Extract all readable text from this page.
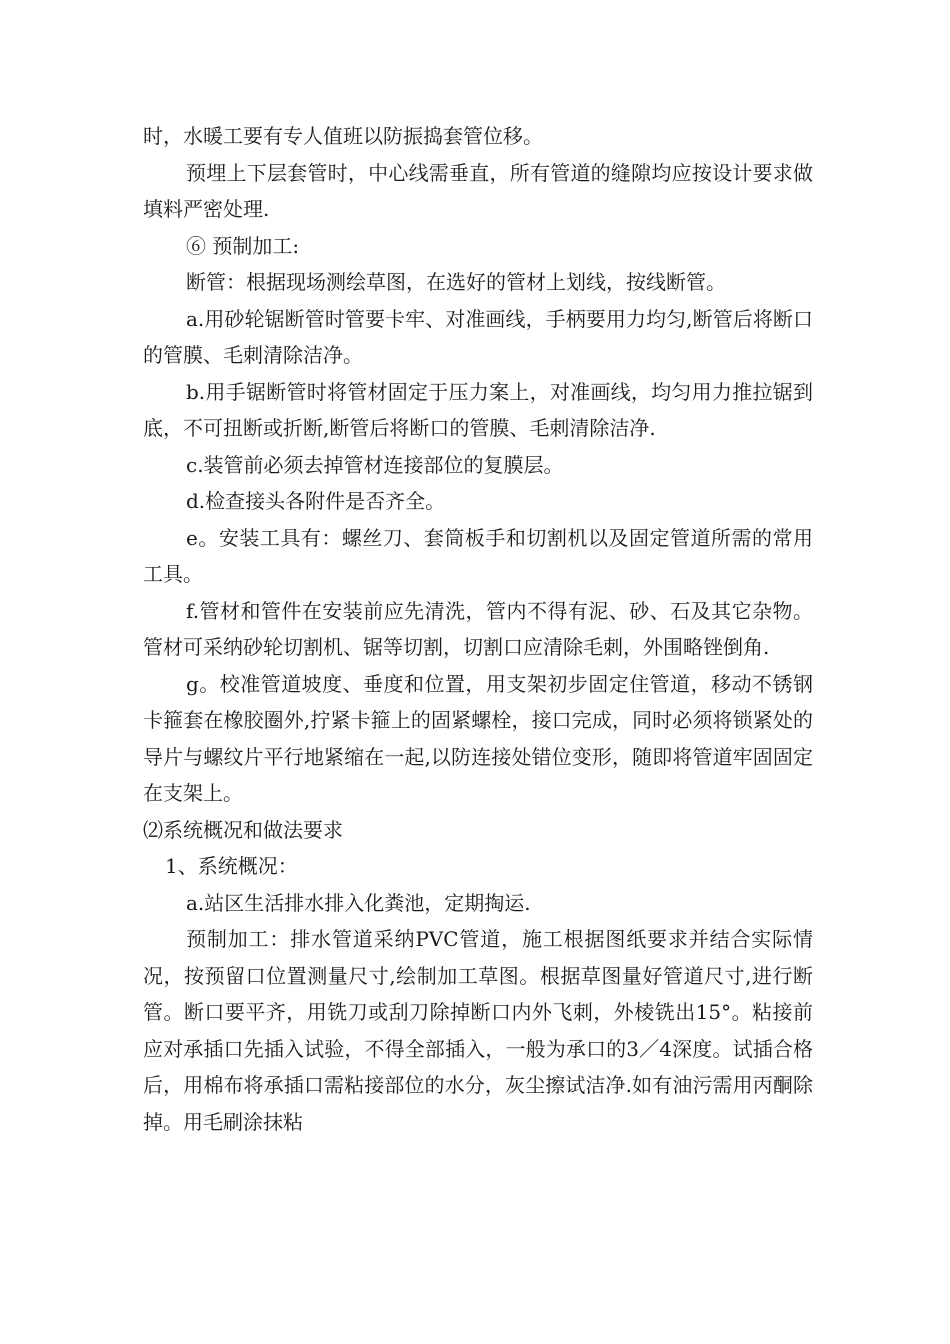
时，水暖工要有专人值班以防振捣套管位移。

预埋上下层套管时，中心线需垂直，所有管道的缝隙均应按设计要求做填料严密处理.

⑥ 预制加工:

断管：根据现场测绘草图，在选好的管材上划线，按线断管。

a.用砂轮锯断管时管要卡牢、对准画线，手柄要用力均匀,断管后将断口的管膜、毛刺清除洁净。

b.用手锯断管时将管材固定于压力案上，对准画线，均匀用力推拉锯到底，不可扭断或折断,断管后将断口的管膜、毛刺清除洁净.

c.装管前必须去掉管材连接部位的复膜层。

d.检查接头各附件是否齐全。

e。安装工具有：螺丝刀、套筒板手和切割机以及固定管道所需的常用工具。

f.管材和管件在安装前应先清洗，管内不得有泥、砂、石及其它杂物。管材可采纳砂轮切割机、锯等切割，切割口应清除毛刺，外围略锉倒角.

g。校准管道坡度、垂度和位置，用支架初步固定住管道，移动不锈钢卡箍套在橡胶圈外,拧紧卡箍上的固紧螺栓，接口完成，同时必须将锁紧处的导片与螺纹片平行地紧缩在一起,以防连接处错位变形，随即将管道牢固固定在支架上。

⑵系统概况和做法要求

1、系统概况：

a.站区生活排水排入化粪池，定期掏运.

预制加工：排水管道采纳PVC管道，施工根据图纸要求并结合实际情况，按预留口位置测量尺寸,绘制加工草图。根据草图量好管道尺寸,进行断管。断口要平齐，用铣刀或刮刀除掉断口内外飞刺，外棱铣出15°。粘接前应对承插口先插入试验，不得全部插入，一般为承口的3／4深度。试插合格后，用棉布将承插口需粘接部位的水分，灰尘擦试洁净.如有油污需用丙酮除掉。用毛刷涂抹粘
